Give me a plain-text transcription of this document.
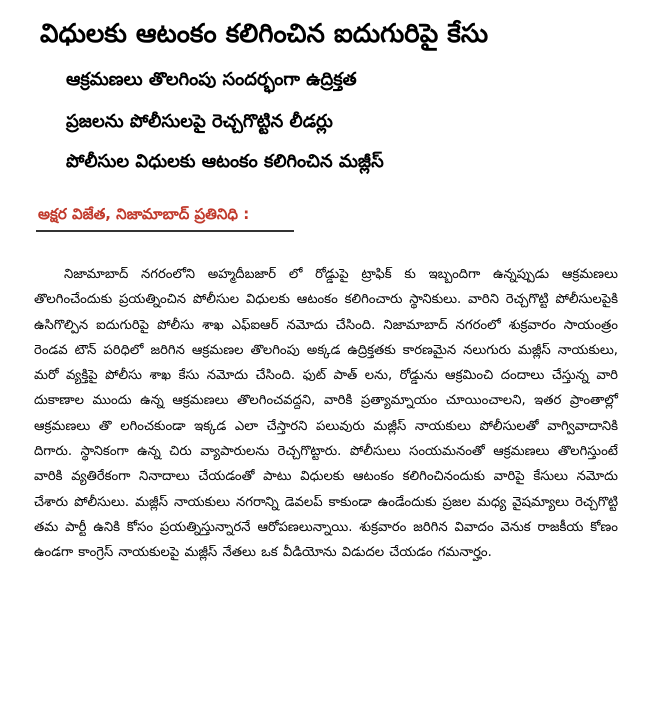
విధులకు ఆటంకం కలిగించిన ఐదుగురిపై కేసు
ఆక్రమణలు తొలగింపు సందర్భంగా ఉద్రిక్తత
ప్రజలను పోలీసులపై రెచ్చగొట్టిన లీడర్లు
పోలీసుల విధులకు ఆటంకం కలిగించిన మజ్లీస్
అక్షర విజేత, నిజామాబాద్ ప్రతినిధి :

నిజామాబాద్ నగరంలోని అహ్మదీబజార్ లో రోడ్డుపై ట్రాఫిక్ కు ఇబ్బందిగా ఉన్నప్పుడు ఆక్రమణలు తొలగించేందుకు ప్రయత్నించిన పోలీసుల విధులకు ఆటంకం కలిగించారు స్థానికులు. వారిని రెచ్చగొట్టి పోలీసులపైకి ఉసిగొల్పిన ఐదుగురిపై పోలీసు శాఖ ఎఫ్ఐఆర్ నమోదు చేసింది. నిజామాబాద్ నగరంలో శుక్రవారం సాయంత్రం రెండవ టౌన్ పరిధిలో జరిగిన ఆక్రమణల తొలగింపు అక్కడ ఉద్రిక్తతకు కారణమైన నలుగురు మజ్లీస్ నాయకులు, మరో వ్యక్తిపై పోలీసు శాఖ కేసు నమోదు చేసింది. ఫుట్ పాత్ లను, రోడ్డును ఆక్రమించి దందాలు చేస్తున్న వారి దుకాణాల ముందు ఉన్న ఆక్రమణలు తొలగించవద్దని, వారికి ప్రత్యామ్నాయం చూయించాలని, ఇతర ప్రాంతాల్లో ఆక్రమణలు తొ లగించకుండా ఇక్కడ ఎలా చేస్తారని పలువురు మజ్లీస్ నాయకులు పోలీసులతో వాగ్వివాదానికి దిగారు. స్థానికంగా ఉన్న చిరు వ్యాపారులను రెచ్చగొట్టారు. పోలీసులు సంయమనంతో ఆక్రమణలు తొలగిస్తుంటే వారికి వ్యతిరేకంగా నినాదాలు చేయడంతో పాటు విధులకు ఆటంకం కలిగించినందుకు వారిపై కేసులు నమోదు చేశారు పోలీసులు. మజ్లీస్ నాయకులు నగరాన్ని డెవలప్ కాకుండా ఉండేందుకు ప్రజల మధ్య వైషమ్యాలు రెచ్చగొట్టి తమ పార్టీ ఉనికి కోసం ప్రయత్నిస్తున్నారనే ఆరోపణలున్నాయి. శుక్రవారం జరిగిన వివాదం వెనుక రాజకీయ కోణం ఉండగా కాంగ్రెస్ నాయకులపై మజ్లీస్ నేతలు ఒక వీడియోను విడుదల చేయడం గమనార్హం.
